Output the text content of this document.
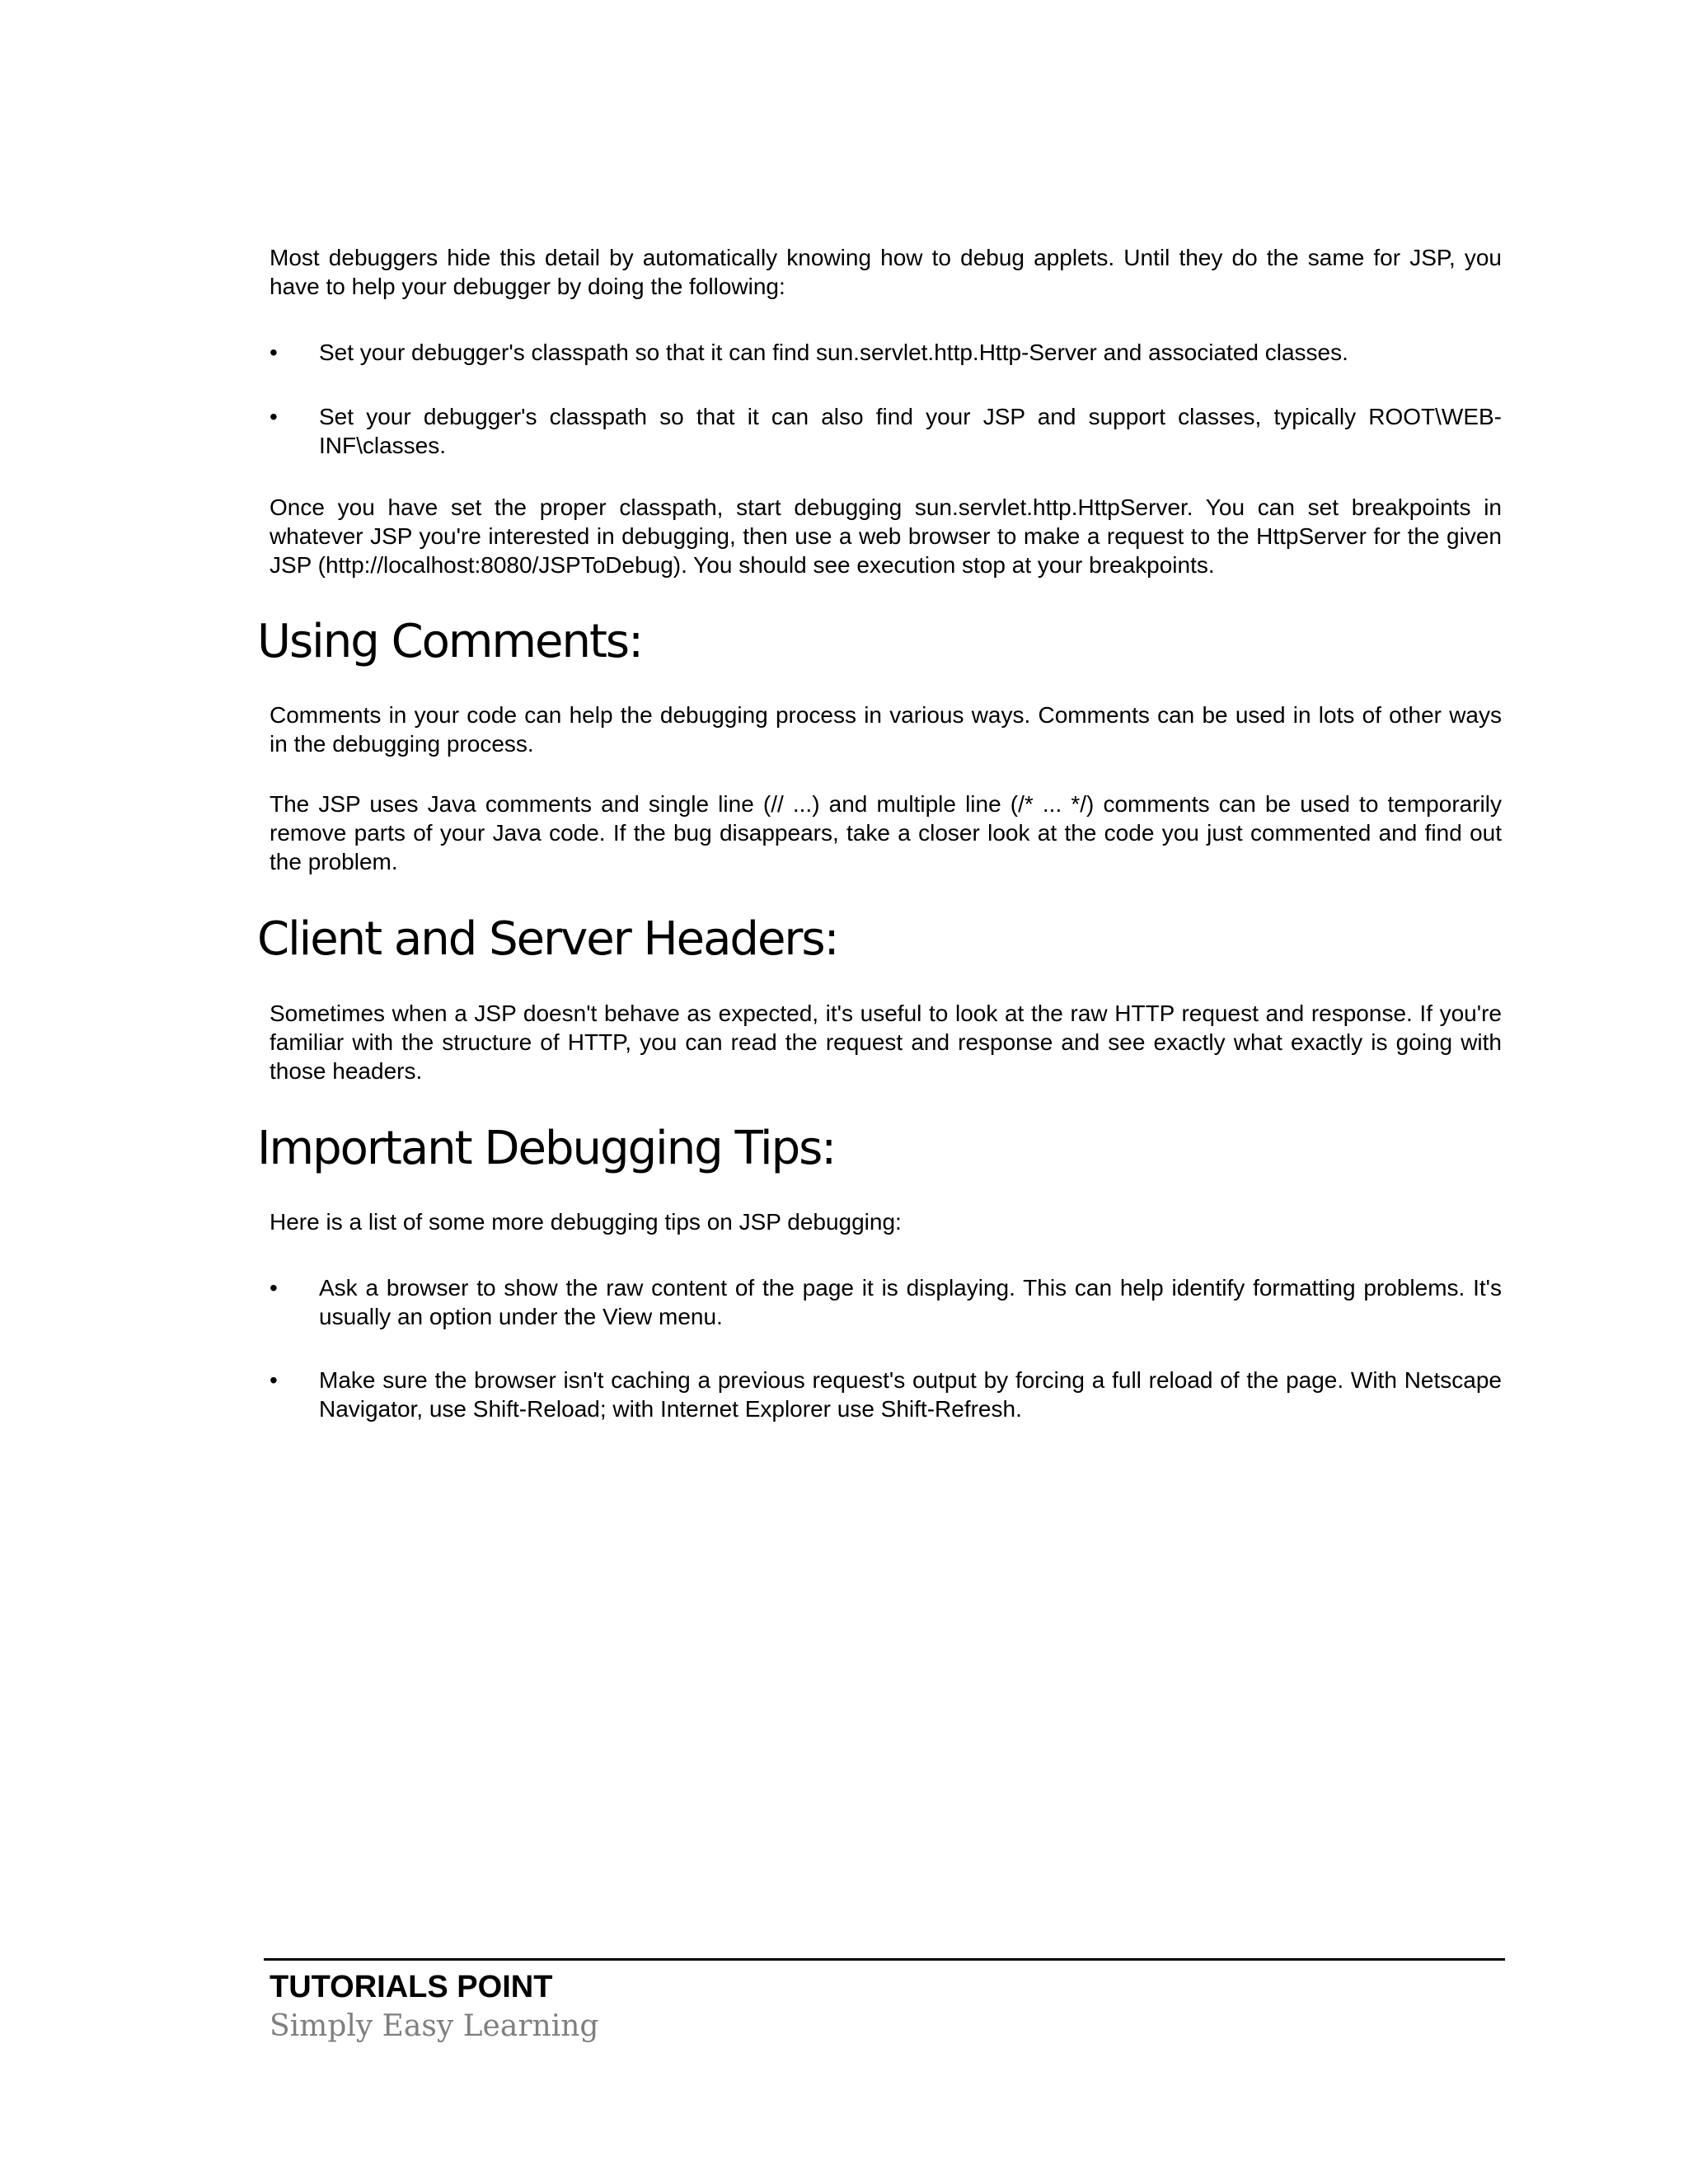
Most debuggers hide this detail by automatically knowing how to debug applets. Until they do the same for JSP, you have to help your debugger by doing the following:

•	Set your debugger's classpath so that it can find sun.servlet.http.Http-Server and associated classes.

•	Set your debugger's classpath so that it can also find your JSP and support classes, typically ROOT\WEB-INF\classes.

Once you have set the proper classpath, start debugging sun.servlet.http.HttpServer. You can set breakpoints in whatever JSP you're interested in debugging, then use a web browser to make a request to the HttpServer for the given JSP (http://localhost:8080/JSPToDebug). You should see execution stop at your breakpoints.

Using Comments:

Comments in your code can help the debugging process in various ways. Comments can be used in lots of other ways in the debugging process.

The JSP uses Java comments and single line (// ...) and multiple line (/* ... */) comments can be used to temporarily remove parts of your Java code. If the bug disappears, take a closer look at the code you just commented and find out the problem.

Client and Server Headers:

Sometimes when a JSP doesn't behave as expected, it's useful to look at the raw HTTP request and response. If you're familiar with the structure of HTTP, you can read the request and response and see exactly what exactly is going with those headers.

Important Debugging Tips:

Here is a list of some more debugging tips on JSP debugging:

•	Ask a browser to show the raw content of the page it is displaying. This can help identify formatting problems. It's usually an option under the View menu.

•	Make sure the browser isn't caching a previous request's output by forcing a full reload of the page. With Netscape Navigator, use Shift-Reload; with Internet Explorer use Shift-Refresh.

TUTORIALS POINT

Simply Easy Learning
